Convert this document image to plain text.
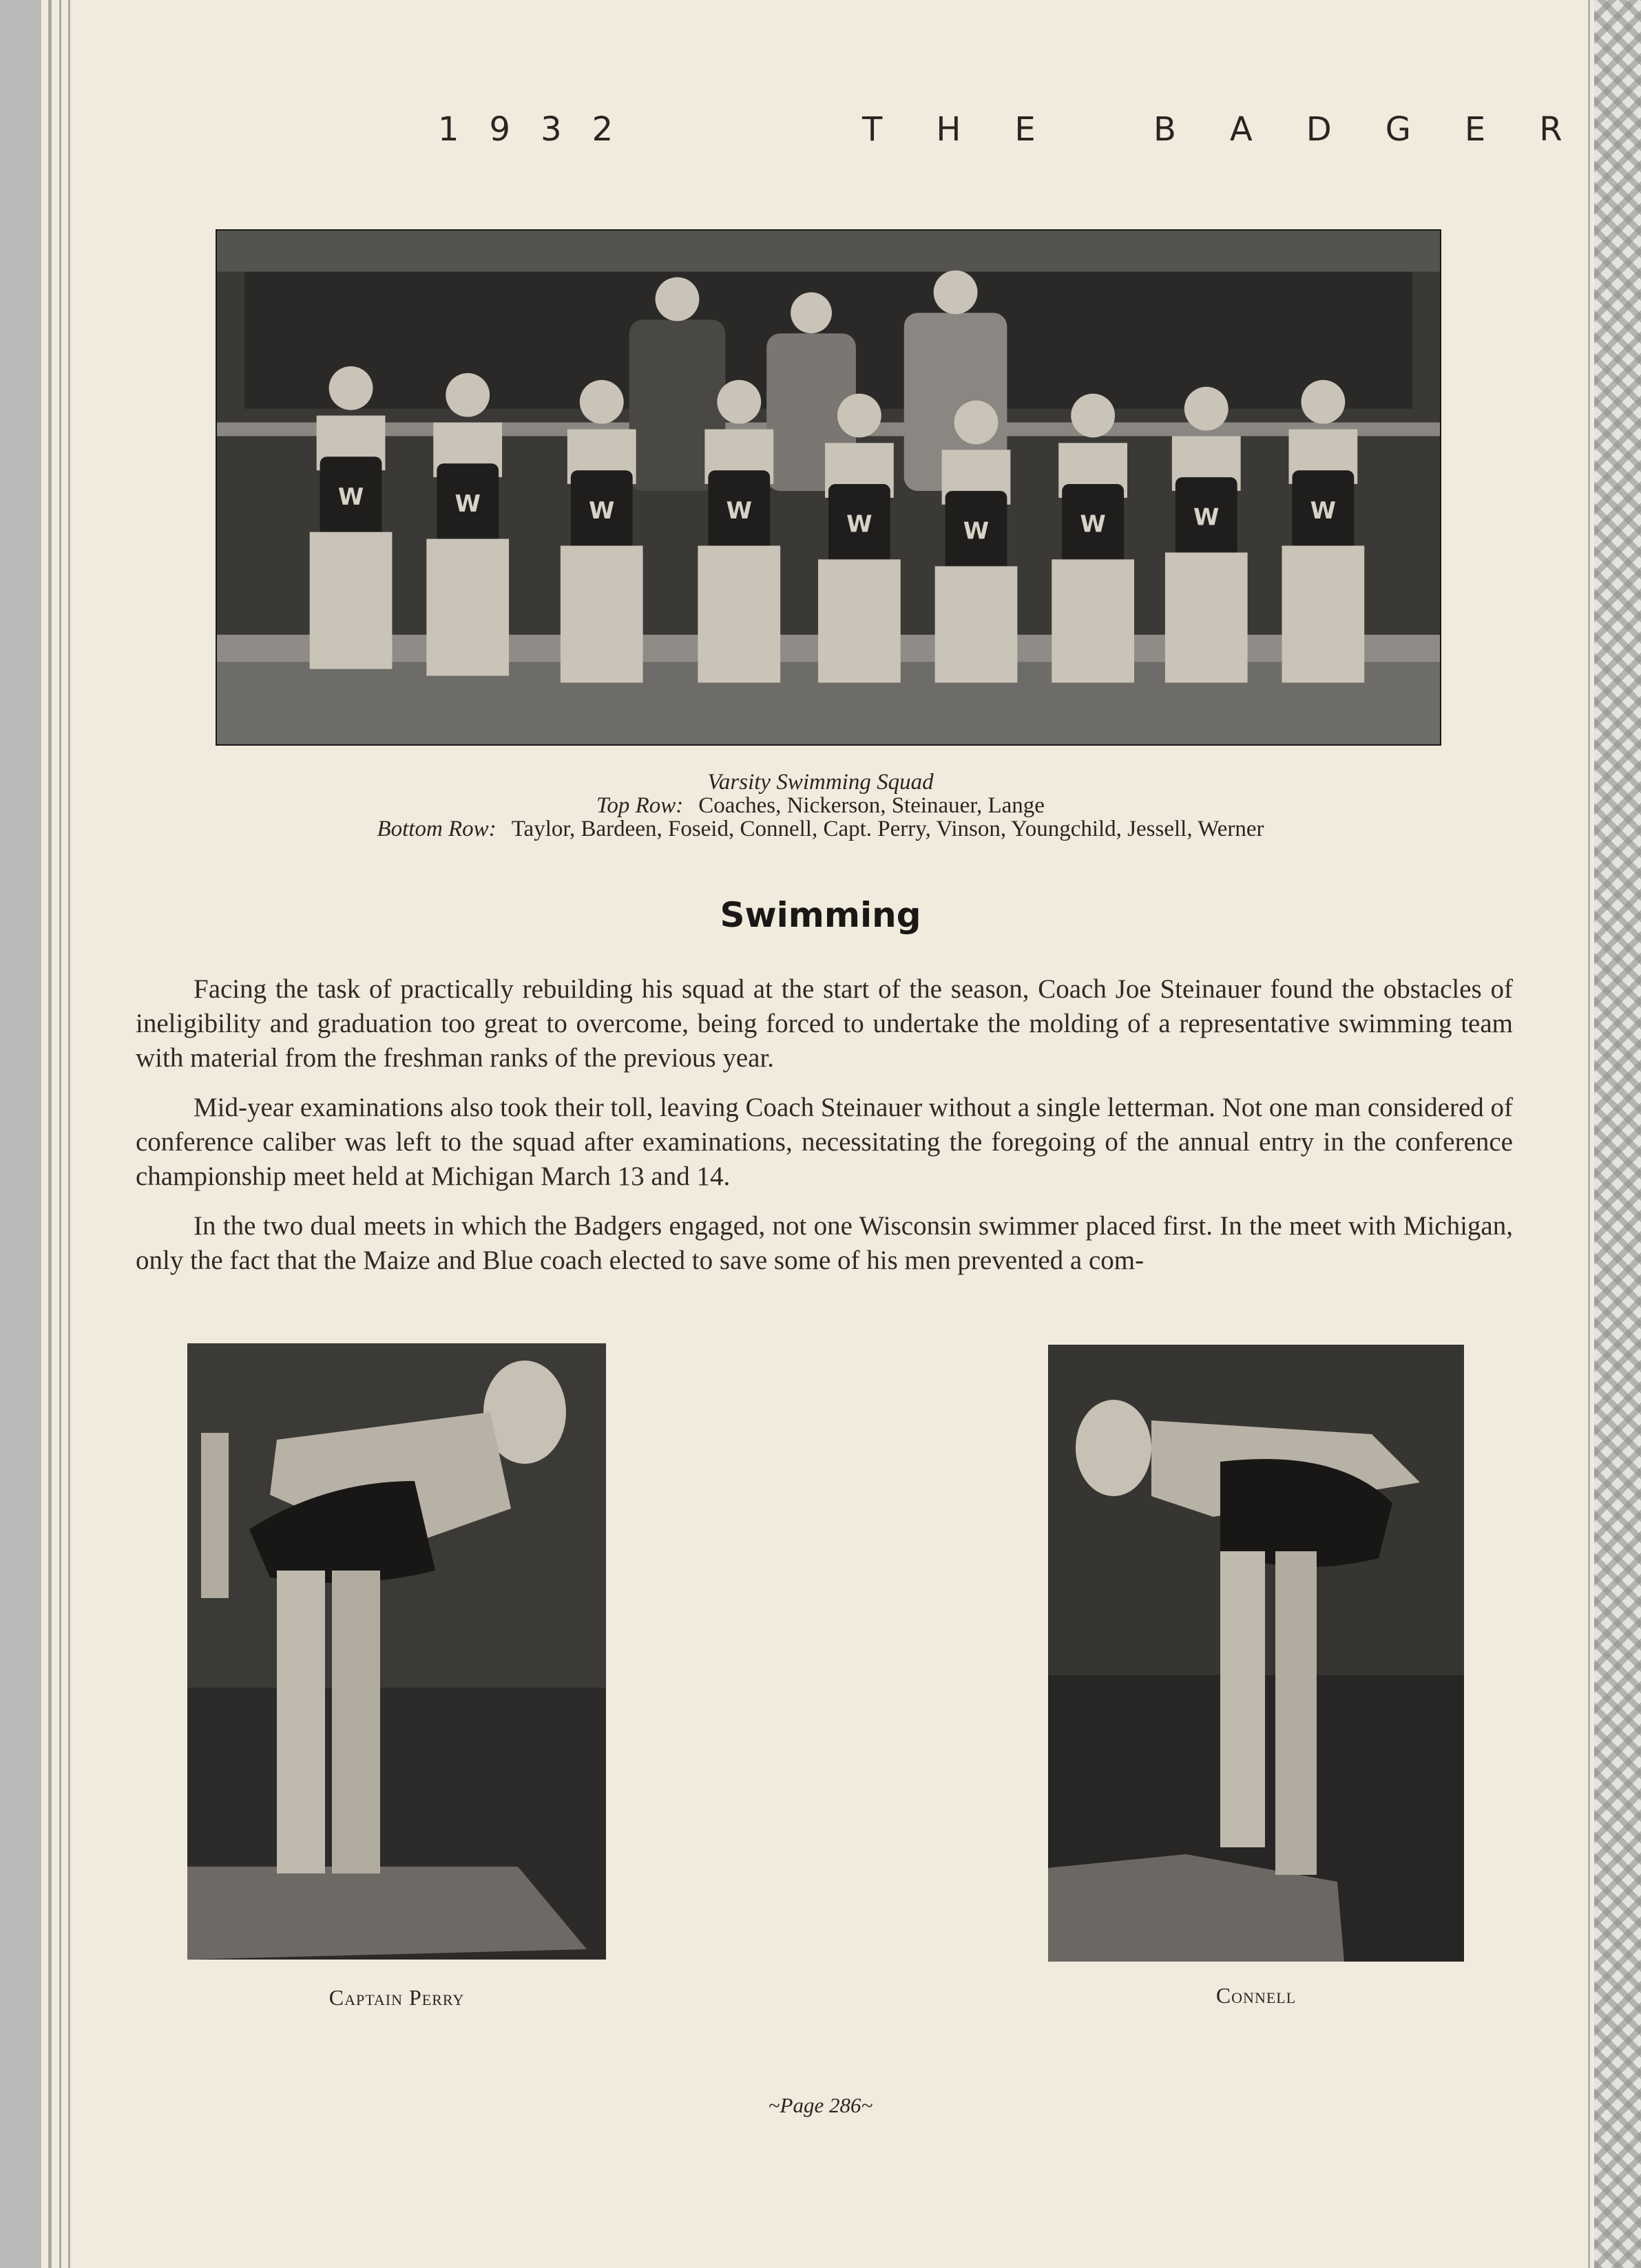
1932	THE BADGER
W	W	W	W
W	W	W	W	W
Varsity Swimming Squad
Top Row: Coaches, Nickerson, Steinauer, Lange
Bottom Row: Taylor, Bardeen, Foseid, Connell, Capt. Perry, Vinson, Youngchild, Jessell, Werner
Swimming

Facing the task of practically rebuilding his squad at the start of the season, Coach Joe Steinauer found the obstacles of ineligibility and graduation too great to overcome, being forced to undertake the molding of a representative swimming team with material from the freshman ranks of the previous year.

Mid-year examinations also took their toll, leaving Coach Steinauer without a single letterman. Not one man considered of conference caliber was left to the squad after examinations, necessitating the foregoing of the annual entry in the conference championship meet held at Michigan March 13 and 14.

In the two dual meets in which the Badgers engaged, not one Wisconsin swimmer placed first. In the meet with Michigan, only the fact that the Maize and Blue coach elected to save some of his men prevented a com-

Captain Perry	Connell
~Page 286~
